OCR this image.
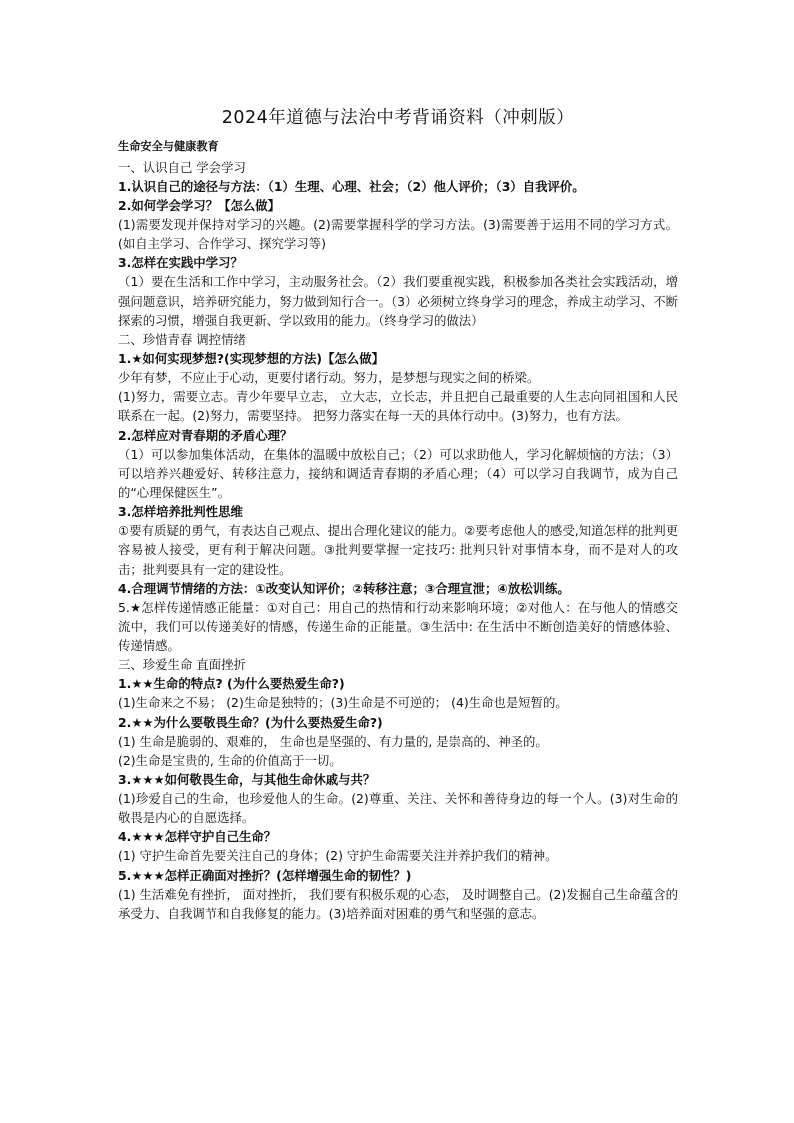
2024年道德与法治中考背诵资料（冲刺版）
生命安全与健康教育
一、认识自己 学会学习
1.认识自己的途径与方法：（1）生理、心理、社会；（2）他人评价；（3）自我评价。
2.如何学会学习？【怎么做】
(1)需要发现并保持对学习的兴趣。(2)需要掌握科学的学习方法。(3)需要善于运用不同的学习方式。(如自主学习、合作学习、探究学习等)
3.怎样在实践中学习？
（1）要在生活和工作中学习，主动服务社会。（2）我们要重视实践，积极参加各类社会实践活动，增强问题意识，培养研究能力，努力做到知行合一。（3）必须树立终身学习的理念，养成主动学习、不断探索的习惯，增强自我更新、学以致用的能力。（终身学习的做法）
二、珍惜青春 调控情绪
1.★如何实现梦想?(实现梦想的方法)【怎么做】
少年有梦，不应止于心动，更要付诸行动。努力，是梦想与现实之间的桥梁。
(1)努力，需要立志。青少年要早立志， 立大志，立长志，并且把自己最重要的人生志向同祖国和人民联系在一起。(2)努力，需要坚持。 把努力落实在每一天的具体行动中。(3)努力，也有方法。
2.怎样应对青春期的矛盾心理？
（1）可以参加集体活动，在集体的温暖中放松自己；（2）可以求助他人，学习化解烦恼的方法；（3）可以培养兴趣爱好、转移注意力，接纳和调适青春期的矛盾心理；（4）可以学习自我调节，成为自己的“心理保健医生”。
3.怎样培养批判性思维
①要有质疑的勇气，有表达自己观点、提出合理化建议的能力。②要考虑他人的感受,知道怎样的批判更容易被人接受，更有利于解决问题。③批判要掌握一定技巧: 批判只针对事情本身，而不是对人的攻击；批判要具有一定的建设性。
4.合理调节情绪的方法：①改变认知评价；②转移注意；③合理宣泄；④放松训练。
5.★怎样传递情感正能量：①对自己：用自己的热情和行动来影响环境；②对他人：在与他人的情感交流中，我们可以传递美好的情感，传递生命的正能量。③生活中: 在生活中不断创造美好的情感体验、传递情感。
三、珍爱生命 直面挫折
1.★★生命的特点? (为什么要热爱生命?)
(1)生命来之不易； (2)生命是独特的；(3)生命是不可逆的； (4)生命也是短暂的。
2.★★为什么要敬畏生命？(为什么要热爱生命?)
(1) 生命是脆弱的、艰难的， 生命也是坚强的、有力量的, 是崇高的、神圣的。
(2)生命是宝贵的, 生命的价值高于一切。
3.★★★如何敬畏生命，与其他生命休戚与共？
(1)珍爱自己的生命，也珍爱他人的生命。(2)尊重、关注、关怀和善待身边的每一个人。(3)对生命的敬畏是内心的自愿选择。
4.★★★怎样守护自己生命？
(1) 守护生命首先要关注自己的身体；(2) 守护生命需要关注并养护我们的精神。
5.★★★怎样正确面对挫折？(怎样增强生命的韧性？)
(1) 生活难免有挫折， 面对挫折， 我们要有积极乐观的心态， 及时调整自己。(2)发掘自己生命蕴含的承受力、自我调节和自我修复的能力。(3)培养面对困难的勇气和坚强的意志。
